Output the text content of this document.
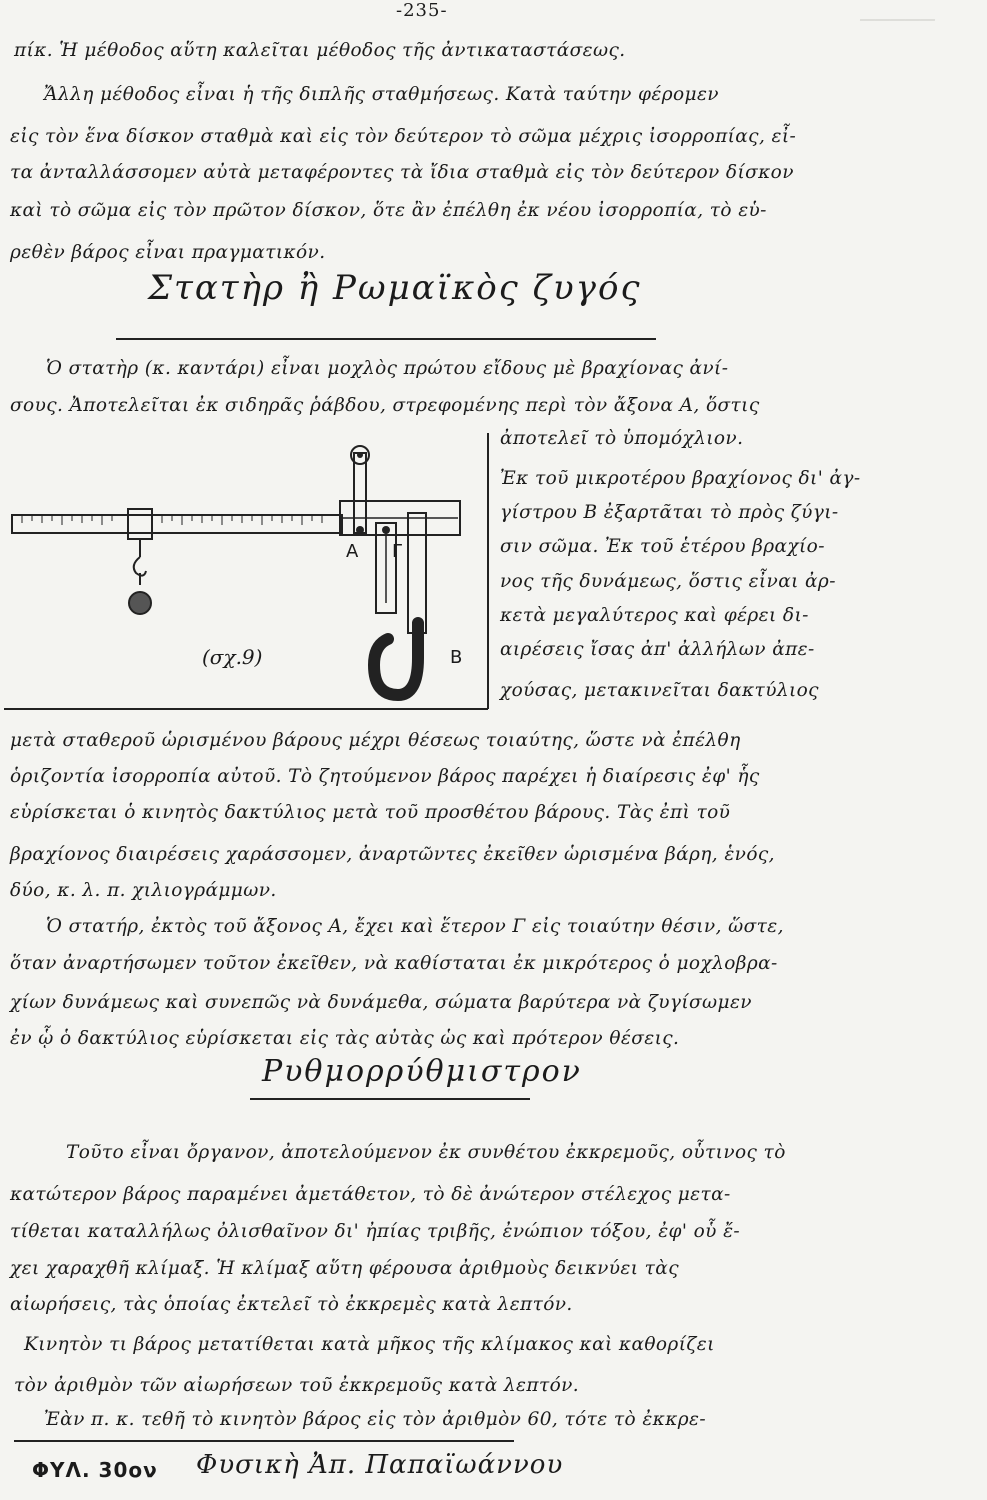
―――――
-235-
πίκ. Ἡ μέθοδος αὕτη καλεῖται μέθοδος τῆς ἀντικαταστάσεως.
Ἄλλη μέθοδος εἶναι ἡ τῆς διπλῆς σταθμήσεως. Κατὰ ταύτην φέρομεν
εἰς τὸν ἕνα δίσκον σταθμὰ καὶ εἰς τὸν δεύτερον τὸ σῶμα μέχρις ἰσορροπίας, εἶ-
τα ἀνταλλάσσομεν αὐτὰ μεταφέροντες τὰ ἴδια σταθμὰ εἰς τὸν δεύτερον δίσκον
καὶ τὸ σῶμα εἰς τὸν πρῶτον δίσκον, ὅτε ἂν ἐπέλθη ἐκ νέου ἰσορροπία, τὸ εὑ-
ρεθὲν βάρος εἶναι πραγματικόν.
Στατὴρ ἢ Ρωμαϊκὸς ζυγός
Ὁ στατὴρ (κ. καντάρι) εἶναι μοχλὸς πρώτου εἴδους μὲ βραχίονας ἀνί-
σους. Ἀποτελεῖται ἐκ σιδηρᾶς ῥάβδου, στρεφομένης περὶ τὸν ἄξονα Α, ὅστις
ἀποτελεῖ τὸ ὑπομόχλιον.
Ἐκ τοῦ μικροτέρου βραχίονος δι' ἀγ-
γίστρου Β ἐξαρτᾶται τὸ πρὸς ζύγι-
σιν σῶμα. Ἐκ τοῦ ἑτέρου βραχίο-
νος τῆς δυνάμεως, ὅστις εἶναι ἀρ-
κετὰ μεγαλύτερος καὶ φέρει δι-
αιρέσεις ἴσας ἀπ' ἀλλήλων ἀπε-
χούσας, μετακινεῖται δακτύλιος
Α Γ
Β
(σχ.9)
μετὰ σταθεροῦ ὡρισμένου βάρους μέχρι θέσεως τοιαύτης, ὥστε νὰ ἐπέλθη
ὁριζοντία ἰσορροπία αὐτοῦ. Τὸ ζητούμενον βάρος παρέχει ἡ διαίρεσις ἐφ' ἧς
εὑρίσκεται ὁ κινητὸς δακτύλιος μετὰ τοῦ προσθέτου βάρους. Τὰς ἐπὶ τοῦ
βραχίονος διαιρέσεις χαράσσομεν, ἀναρτῶντες ἐκεῖθεν ὡρισμένα βάρη, ἑνός,
δύο, κ. λ. π. χιλιογράμμων.
Ὁ στατήρ, ἐκτὸς τοῦ ἄξονος Α, ἔχει καὶ ἕτερον Γ εἰς τοιαύτην θέσιν, ὥστε,
ὅταν ἀναρτήσωμεν τοῦτον ἐκεῖθεν, νὰ καθίσταται ἐκ μικρότερος ὁ μοχλοβρα-
χίων δυνάμεως καὶ συνεπῶς νὰ δυνάμεθα, σώματα βαρύτερα νὰ ζυγίσωμεν
ἐν ᾧ ὁ δακτύλιος εὑρίσκεται εἰς τὰς αὐτὰς ὡς καὶ πρότερον θέσεις.
Ρυθμορρύθμιστρον
Τοῦτο εἶναι ὄργανον, ἀποτελούμενον ἐκ συνθέτου ἐκκρεμοῦς, οὗτινος τὸ
κατώτερον βάρος παραμένει ἀμετάθετον, τὸ δὲ ἀνώτερον στέλεχος μετα-
τίθεται καταλλήλως ὀλισθαῖνον δι' ἠπίας τριβῆς, ἐνώπιον τόξου, ἐφ' οὗ ἔ-
χει χαραχθῆ κλίμαξ. Ἡ κλίμαξ αὕτη φέρουσα ἀριθμοὺς δεικνύει τὰς
αἰωρήσεις, τὰς ὁποίας ἐκτελεῖ τὸ ἐκκρεμὲς κατὰ λεπτόν.
Κινητὸν τι βάρος μετατίθεται κατὰ μῆκος τῆς κλίμακος καὶ καθορίζει
τὸν ἀριθμὸν τῶν αἰωρήσεων τοῦ ἐκκρεμοῦς κατὰ λεπτόν.
Ἐὰν π. κ. τεθῆ τὸ κινητὸν βάρος εἰς τὸν ἀριθμὸν 60, τότε τὸ ἐκκρε-
ΦΥΛ. 30ον Φυσικὴ Ἀπ. Παπαϊωάννου
